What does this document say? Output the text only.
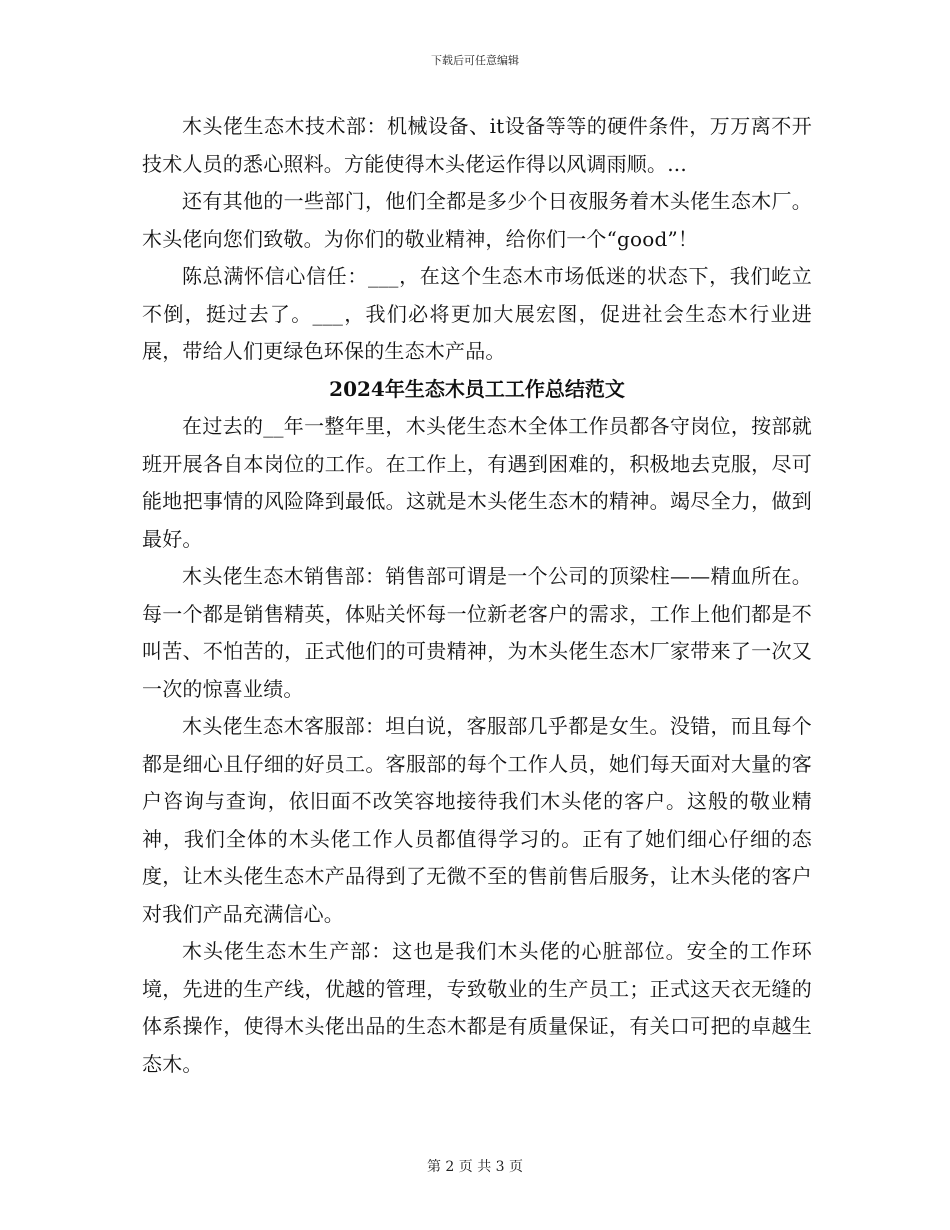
下载后可任意编辑

木头佬生态木技术部：机械设备、it设备等等的硬件条件，万万离不开技术人员的悉心照料。方能使得木头佬运作得以风调雨顺。...

还有其他的一些部门，他们全都是多少个日夜服务着木头佬生态木厂。木头佬向您们致敬。为你们的敬业精神，给你们一个“good”！

陈总满怀信心信任：___，在这个生态木市场低迷的状态下，我们屹立不倒，挺过去了。___，我们必将更加大展宏图，促进社会生态木行业进展，带给人们更绿色环保的生态木产品。

2024年生态木员工工作总结范文

在过去的__年一整年里，木头佬生态木全体工作员都各守岗位，按部就班开展各自本岗位的工作。在工作上，有遇到困难的，积极地去克服，尽可能地把事情的风险降到最低。这就是木头佬生态木的精神。竭尽全力，做到最好。

木头佬生态木销售部：销售部可谓是一个公司的顶梁柱——精血所在。每一个都是销售精英，体贴关怀每一位新老客户的需求，工作上他们都是不叫苦、不怕苦的，正式他们的可贵精神，为木头佬生态木厂家带来了一次又一次的惊喜业绩。

木头佬生态木客服部：坦白说，客服部几乎都是女生。没错，而且每个都是细心且仔细的好员工。客服部的每个工作人员，她们每天面对大量的客户咨询与查询，依旧面不改笑容地接待我们木头佬的客户。这般的敬业精神，我们全体的木头佬工作人员都值得学习的。正有了她们细心仔细的态度，让木头佬生态木产品得到了无微不至的售前售后服务，让木头佬的客户对我们产品充满信心。

木头佬生态木生产部：这也是我们木头佬的心脏部位。安全的工作环境，先进的生产线，优越的管理，专致敬业的生产员工；正式这天衣无缝的体系操作，使得木头佬出品的生态木都是有质量保证，有关口可把的卓越生态木。

第 2 页 共 3 页
